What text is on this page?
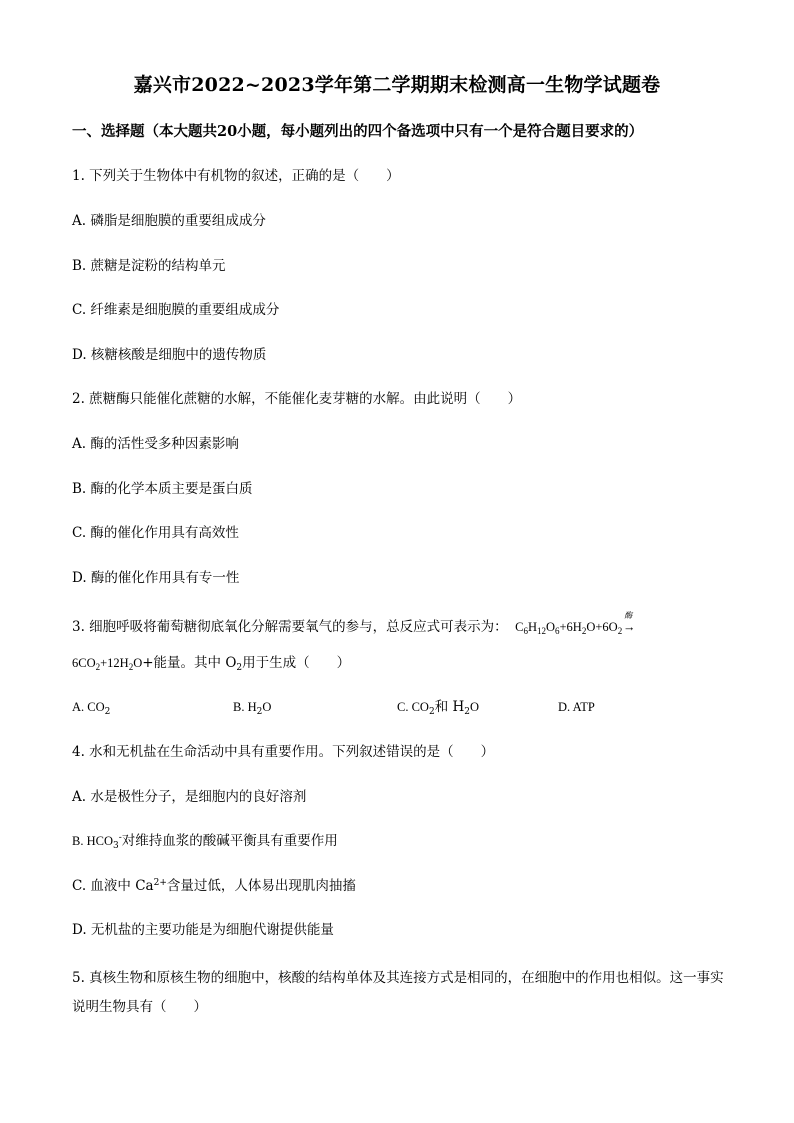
嘉兴市2022~2023学年第二学期期末检测高一生物学试题卷
一、选择题（本大题共20小题，每小题列出的四个备选项中只有一个是符合题目要求的）
1. 下列关于生物体中有机物的叙述，正确的是（　　）
A. 磷脂是细胞膜的重要组成成分
B. 蔗糖是淀粉的结构单元
C. 纤维素是细胞膜的重要组成成分
D. 核糖核酸是细胞中的遗传物质
2. 蔗糖酶只能催化蔗糖的水解，不能催化麦芽糖的水解。由此说明（　　）
A. 酶的活性受多种因素影响
B. 酶的化学本质主要是蛋白质
C. 酶的催化作用具有高效性
D. 酶的催化作用具有专一性
3. 细胞呼吸将葡萄糖彻底氧化分解需要氧气的参与，总反应式可表示为：  $C_6H_{12}O_6+6H_2O+6O_2$
酶
→
$6CO_2+12H_2O+$能量。其中 $O_2$用于生成（　　）
A. $CO_2$	B. $H_2O$	C. $CO_2$和 $H_2O$	D. ATP
4. 水和无机盐在生命活动中具有重要作用。下列叙述错误的是（　　）
A. 水是极性分子，是细胞内的良好溶剂
B. $HCO_3^-$对维持血浆的酸碱平衡具有重要作用
C. 血液中 $Ca^{2+}$含量过低，人体易出现肌肉抽搐
D. 无机盐的主要功能是为细胞代谢提供能量
5. 真核生物和原核生物的细胞中，核酸的结构单体及其连接方式是相同的，在细胞中的作用也相似。这一事实说明生物具有（　　）
